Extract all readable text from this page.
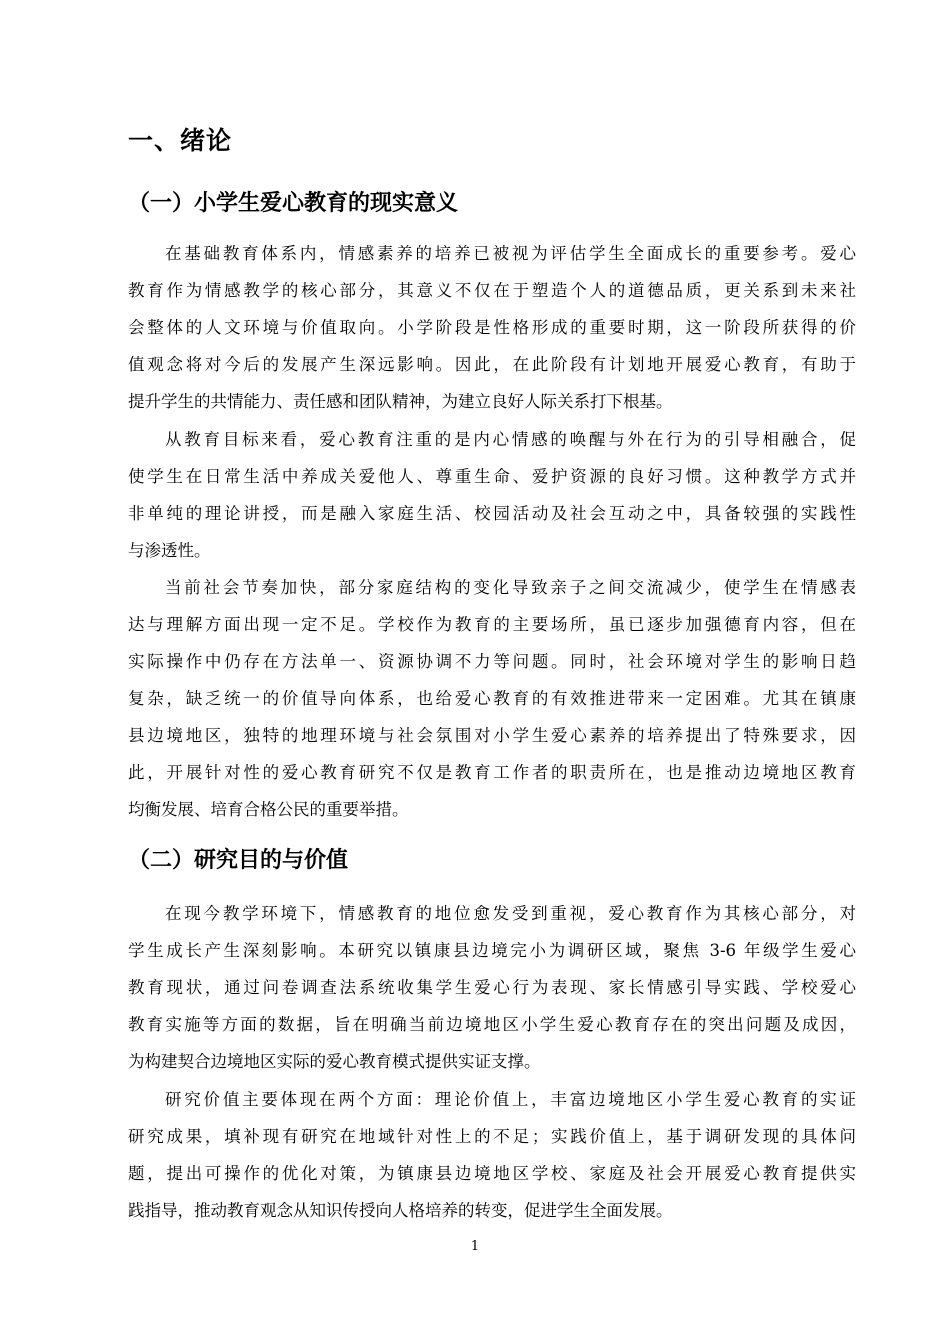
一、绪论
（一）小学生爱心教育的现实意义
在基础教育体系内，情感素养的培养已被视为评估学生全面成长的重要参考。爱心
教育作为情感教学的核心部分，其意义不仅在于塑造个人的道德品质，更关系到未来社
会整体的人文环境与价值取向。小学阶段是性格形成的重要时期，这一阶段所获得的价
值观念将对今后的发展产生深远影响。因此，在此阶段有计划地开展爱心教育，有助于
提升学生的共情能力、责任感和团队精神，为建立良好人际关系打下根基。
从教育目标来看，爱心教育注重的是内心情感的唤醒与外在行为的引导相融合，促
使学生在日常生活中养成关爱他人、尊重生命、爱护资源的良好习惯。这种教学方式并
非单纯的理论讲授，而是融入家庭生活、校园活动及社会互动之中，具备较强的实践性
与渗透性。
当前社会节奏加快，部分家庭结构的变化导致亲子之间交流减少，使学生在情感表
达与理解方面出现一定不足。学校作为教育的主要场所，虽已逐步加强德育内容，但在
实际操作中仍存在方法单一、资源协调不力等问题。同时，社会环境对学生的影响日趋
复杂，缺乏统一的价值导向体系，也给爱心教育的有效推进带来一定困难。尤其在镇康
县边境地区，独特的地理环境与社会氛围对小学生爱心素养的培养提出了特殊要求，因
此，开展针对性的爱心教育研究不仅是教育工作者的职责所在，也是推动边境地区教育
均衡发展、培育合格公民的重要举措。
（二）研究目的与价值
在现今教学环境下，情感教育的地位愈发受到重视，爱心教育作为其核心部分，对
学生成长产生深刻影响。本研究以镇康县边境完小为调研区域，聚焦 3-6 年级学生爱心
教育现状，通过问卷调查法系统收集学生爱心行为表现、家长情感引导实践、学校爱心
教育实施等方面的数据，旨在明确当前边境地区小学生爱心教育存在的突出问题及成因，
为构建契合边境地区实际的爱心教育模式提供实证支撑。
研究价值主要体现在两个方面：理论价值上，丰富边境地区小学生爱心教育的实证
研究成果，填补现有研究在地域针对性上的不足；实践价值上，基于调研发现的具体问
题，提出可操作的优化对策，为镇康县边境地区学校、家庭及社会开展爱心教育提供实
践指导，推动教育观念从知识传授向人格培养的转变，促进学生全面发展。
1
